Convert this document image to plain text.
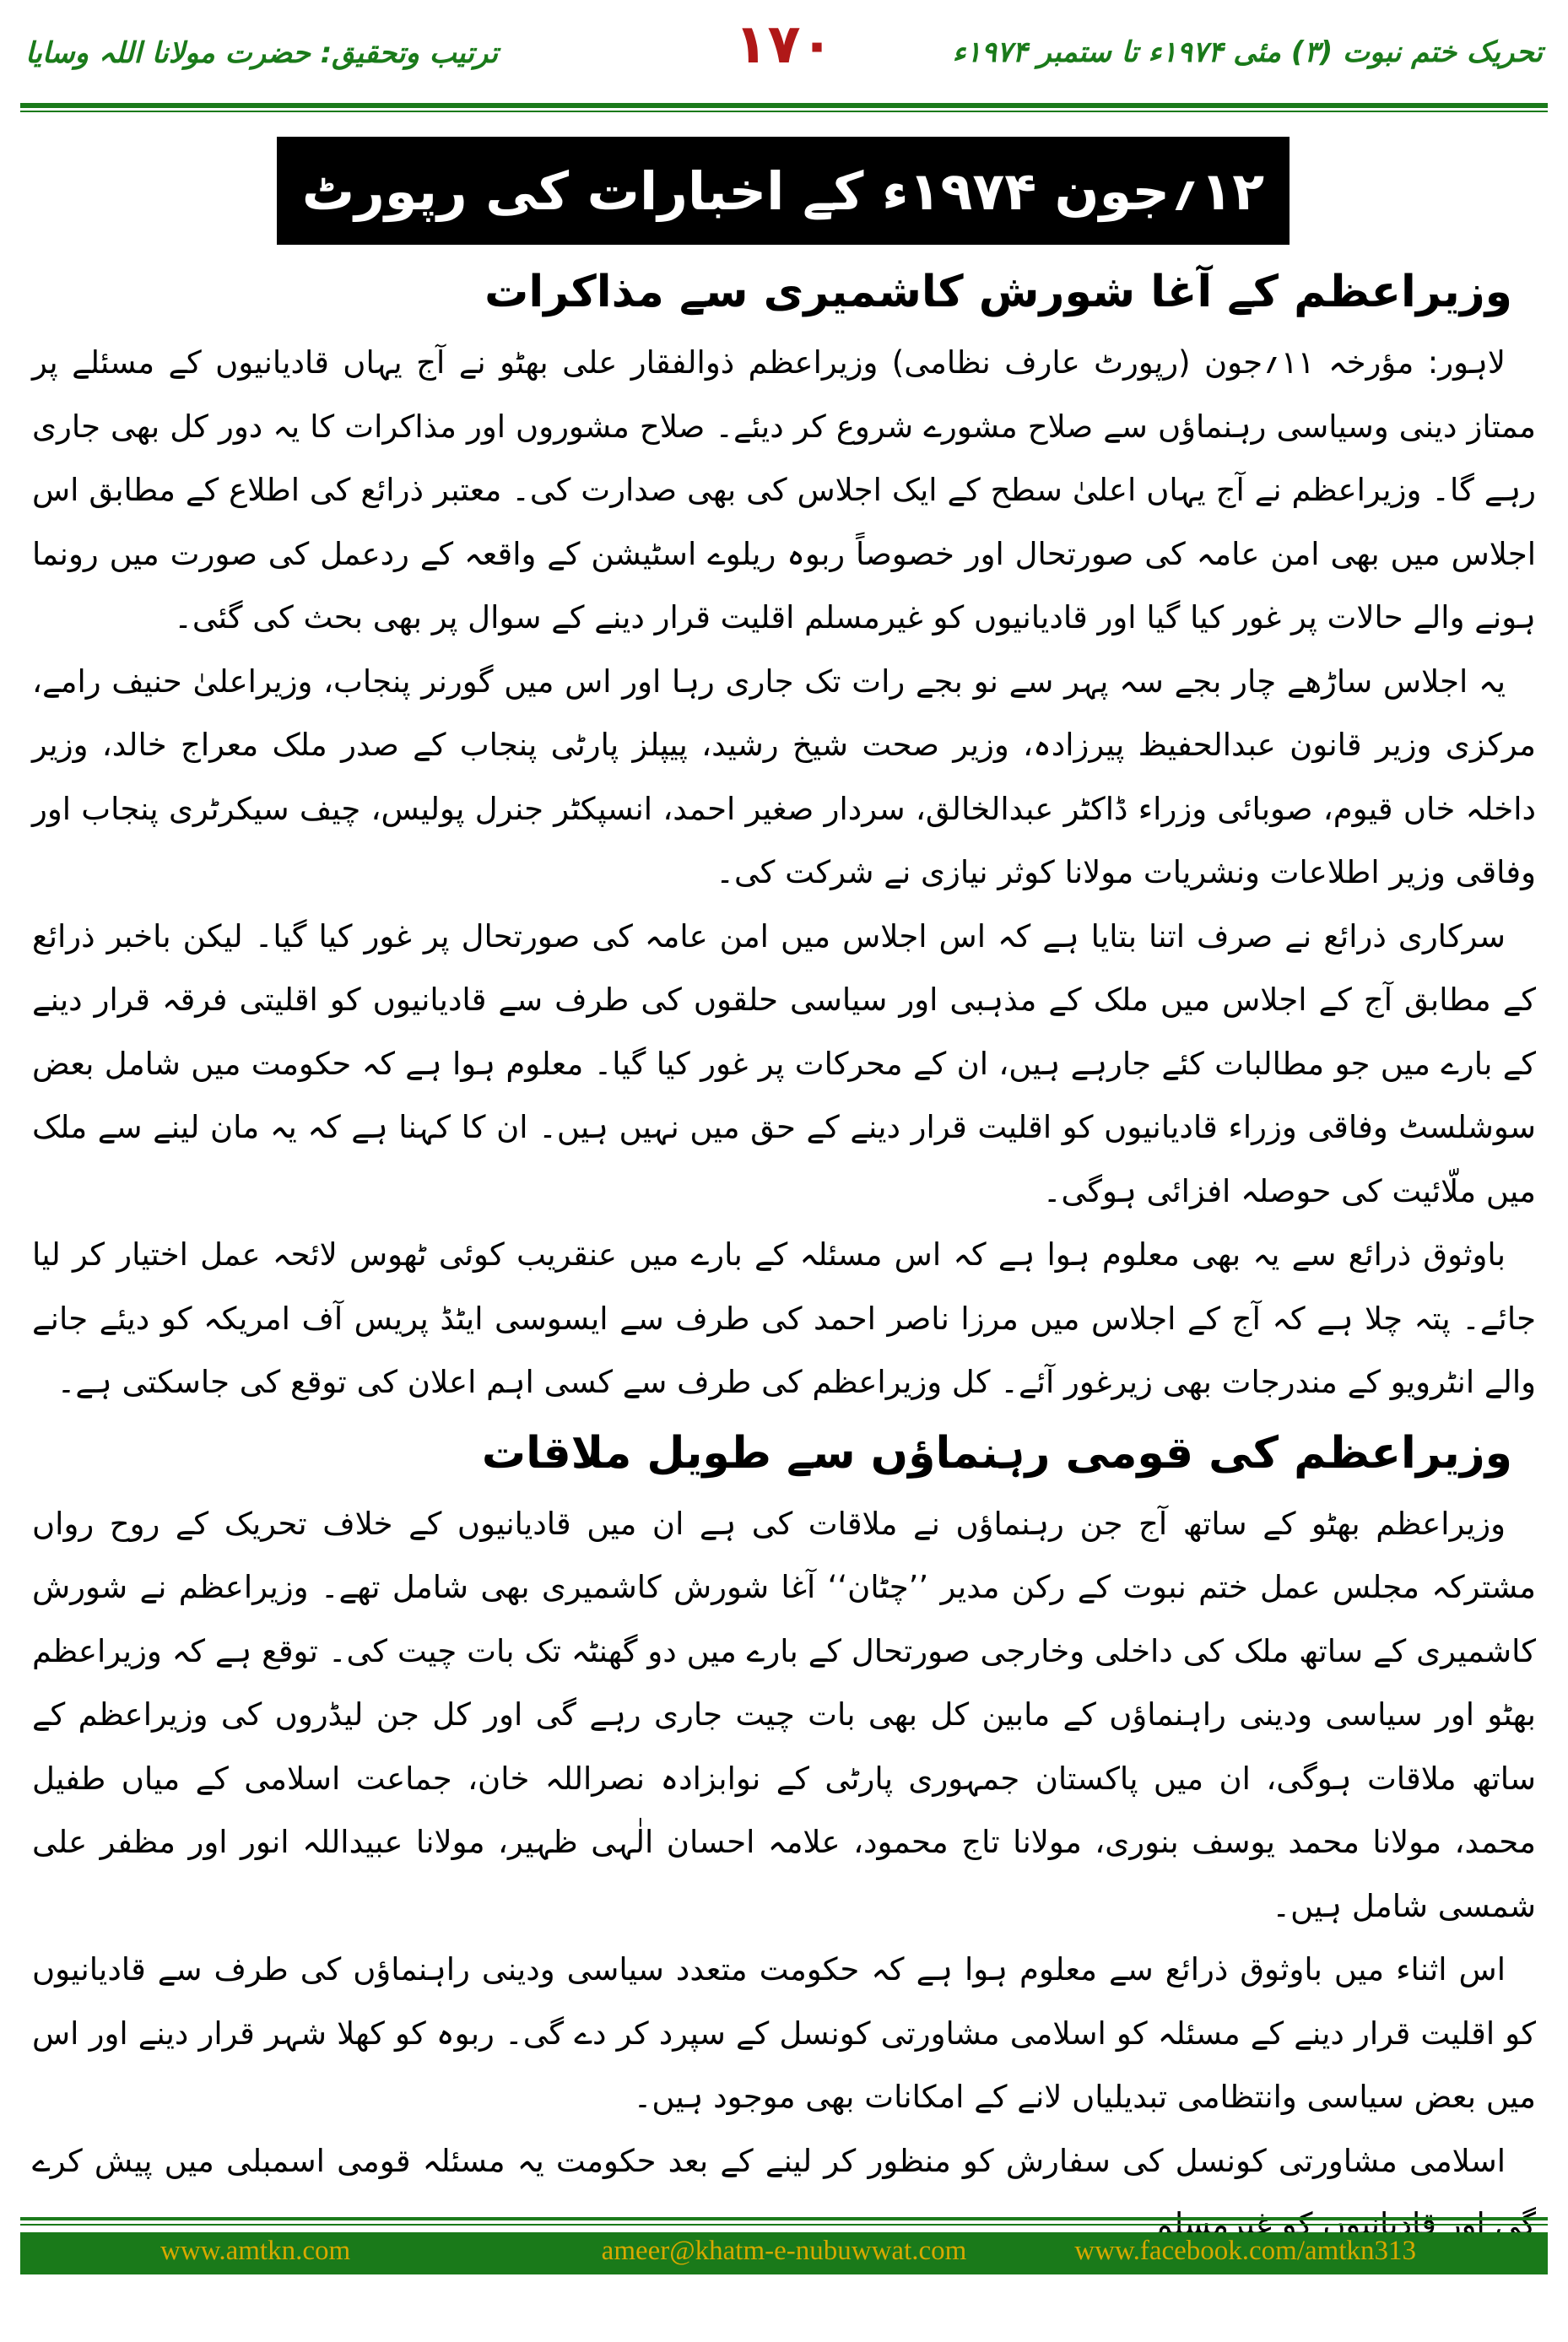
تحریک ختم نبوت (۳) مئی ۱۹۷۴ء تا ستمبر ۱۹۷۴ء
۱۷۰
ترتیب وتحقیق: حضرت مولانا اللہ وسایا
۱۲؍جون ۱۹۷۴ء کے اخبارات کی رپورٹ
وزیراعظم کے آغا شورش کاشمیری سے مذاکرات

لاہور: مؤرخہ ۱۱؍جون (رپورٹ عارف نظامی) وزیراعظم ذوالفقار علی بھٹو نے آج یہاں قادیانیوں کے مسئلے پر ممتاز دینی وسیاسی رہنماؤں سے صلاح مشورے شروع کر دیئے۔ صلاح مشوروں اور مذاکرات کا یہ دور کل بھی جاری رہے گا۔ وزیراعظم نے آج یہاں اعلیٰ سطح کے ایک اجلاس کی بھی صدارت کی۔ معتبر ذرائع کی اطلاع کے مطابق اس اجلاس میں بھی امن عامہ کی صورتحال اور خصوصاً ربوہ ریلوے اسٹیشن کے واقعہ کے ردعمل کی صورت میں رونما ہونے والے حالات پر غور کیا گیا اور قادیانیوں کو غیرمسلم اقلیت قرار دینے کے سوال پر بھی بحث کی گئی۔

یہ اجلاس ساڑھے چار بجے سہ پہر سے نو بجے رات تک جاری رہا اور اس میں گورنر پنجاب، وزیراعلیٰ حنیف رامے، مرکزی وزیر قانون عبدالحفیظ پیرزادہ، وزیر صحت شیخ رشید، پیپلز پارٹی پنجاب کے صدر ملک معراج خالد، وزیر داخلہ خاں قیوم، صوبائی وزراء ڈاکٹر عبدالخالق، سردار صغیر احمد، انسپکٹر جنرل پولیس، چیف سیکرٹری پنجاب اور وفاقی وزیر اطلاعات ونشریات مولانا کوثر نیازی نے شرکت کی۔

سرکاری ذرائع نے صرف اتنا بتایا ہے کہ اس اجلاس میں امن عامہ کی صورتحال پر غور کیا گیا۔ لیکن باخبر ذرائع کے مطابق آج کے اجلاس میں ملک کے مذہبی اور سیاسی حلقوں کی طرف سے قادیانیوں کو اقلیتی فرقہ قرار دینے کے بارے میں جو مطالبات کئے جارہے ہیں، ان کے محرکات پر غور کیا گیا۔ معلوم ہوا ہے کہ حکومت میں شامل بعض سوشلسٹ وفاقی وزراء قادیانیوں کو اقلیت قرار دینے کے حق میں نہیں ہیں۔ ان کا کہنا ہے کہ یہ مان لینے سے ملک میں ملّائیت کی حوصلہ افزائی ہوگی۔

باوثوق ذرائع سے یہ بھی معلوم ہوا ہے کہ اس مسئلہ کے بارے میں عنقریب کوئی ٹھوس لائحہ عمل اختیار کر لیا جائے۔ پتہ چلا ہے کہ آج کے اجلاس میں مرزا ناصر احمد کی طرف سے ایسوسی ایٹڈ پریس آف امریکہ کو دیئے جانے والے انٹرویو کے مندرجات بھی زیرغور آئے۔ کل وزیراعظم کی طرف سے کسی اہم اعلان کی توقع کی جاسکتی ہے۔

وزیراعظم کی قومی رہنماؤں سے طویل ملاقات

وزیراعظم بھٹو کے ساتھ آج جن رہنماؤں نے ملاقات کی ہے ان میں قادیانیوں کے خلاف تحریک کے روح رواں مشترکہ مجلس عمل ختم نبوت کے رکن مدیر ’’چٹان‘‘ آغا شورش کاشمیری بھی شامل تھے۔ وزیراعظم نے شورش کاشمیری کے ساتھ ملک کی داخلی وخارجی صورتحال کے بارے میں دو گھنٹہ تک بات چیت کی۔ توقع ہے کہ وزیراعظم بھٹو اور سیاسی ودینی راہنماؤں کے مابین کل بھی بات چیت جاری رہے گی اور کل جن لیڈروں کی وزیراعظم کے ساتھ ملاقات ہوگی، ان میں پاکستان جمہوری پارٹی کے نوابزادہ نصراللہ خان، جماعت اسلامی کے میاں طفیل محمد، مولانا محمد یوسف بنوری، مولانا تاج محمود، علامہ احسان الٰہی ظہیر، مولانا عبیداللہ انور اور مظفر علی شمسی شامل ہیں۔

اس اثناء میں باوثوق ذرائع سے معلوم ہوا ہے کہ حکومت متعدد سیاسی ودینی راہنماؤں کی طرف سے قادیانیوں کو اقلیت قرار دینے کے مسئلہ کو اسلامی مشاورتی کونسل کے سپرد کر دے گی۔ ربوہ کو کھلا شہر قرار دینے اور اس میں بعض سیاسی وانتظامی تبدیلیاں لانے کے امکانات بھی موجود ہیں۔

اسلامی مشاورتی کونسل کی سفارش کو منظور کر لینے کے بعد حکومت یہ مسئلہ قومی اسمبلی میں پیش کرے

www.amtkn.com	ameer@khatm-e-nubuwwat.com	www.facebook.com/amtkn313
